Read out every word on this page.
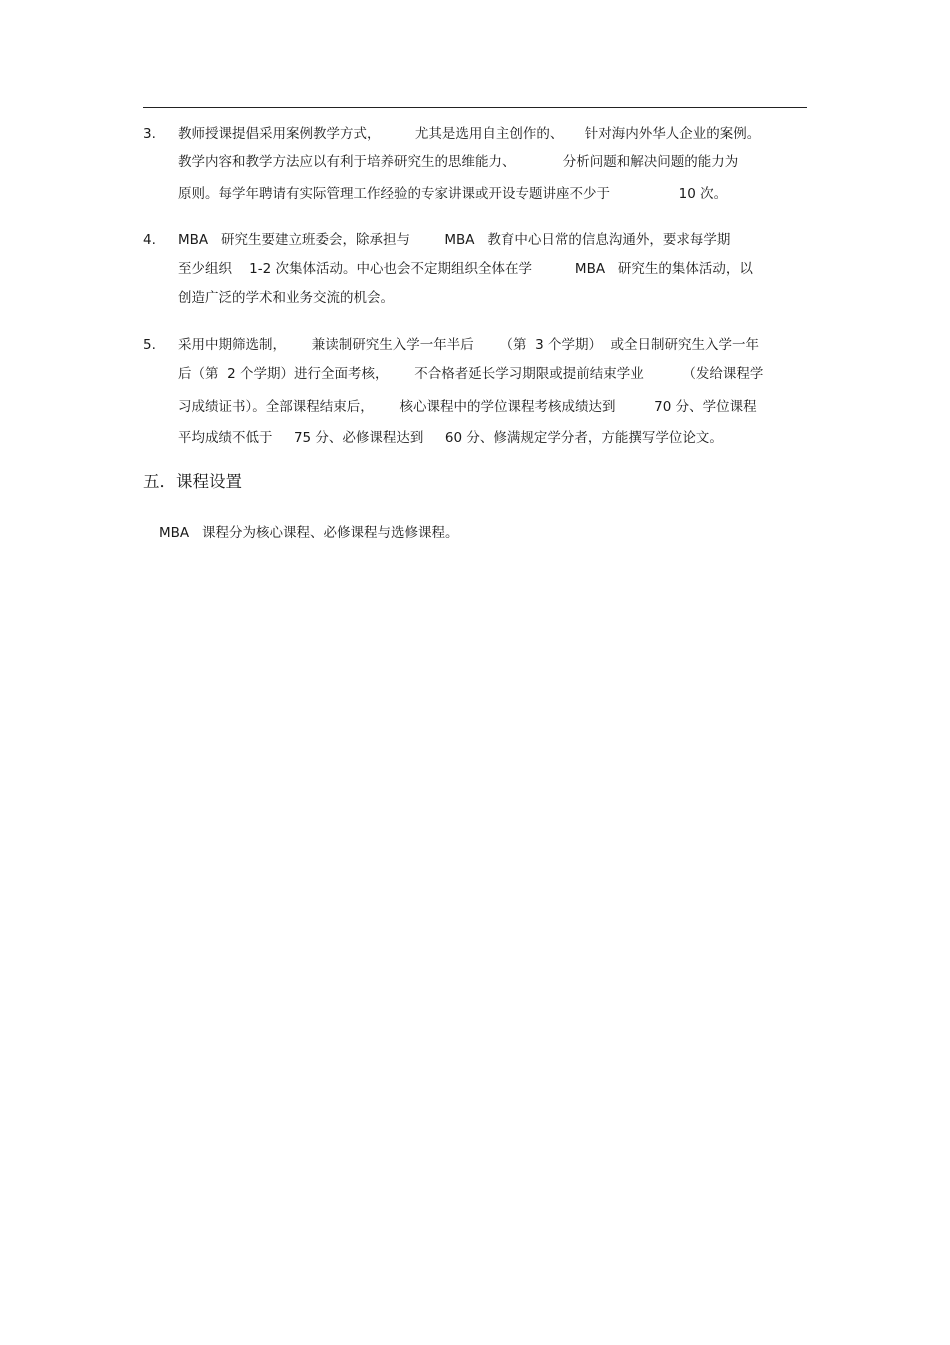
3. 教师授课提倡采用案例教学方式，        尤其是选用自主创作的、     针对海内外华人企业的案例。
教学内容和教学方法应以有利于培养研究生的思维能力、           分析问题和解决问题的能力为
原则。每学年聘请有实际管理工作经验的专家讲课或开设专题讲座不少于                10 次。
4. MBA   研究生要建立班委会，除承担与        MBA   教育中心日常的信息沟通外，要求每学期
至少组织    1-2 次集体活动。中心也会不定期组织全体在学          MBA   研究生的集体活动，以
创造广泛的学术和业务交流的机会。
5. 采用中期筛选制，      兼读制研究生入学一年半后      （第  3 个学期）  或全日制研究生入学一年
后（第  2 个学期）进行全面考核，      不合格者延长学习期限或提前结束学业         （发给课程学
习成绩证书）。全部课程结束后，      核心课程中的学位课程考核成绩达到         70 分、学位课程
平均成绩不低于     75 分、必修课程达到     60 分、修满规定学分者，方能撰写学位论文。
五．课程设置
MBA   课程分为核心课程、必修课程与选修课程。
